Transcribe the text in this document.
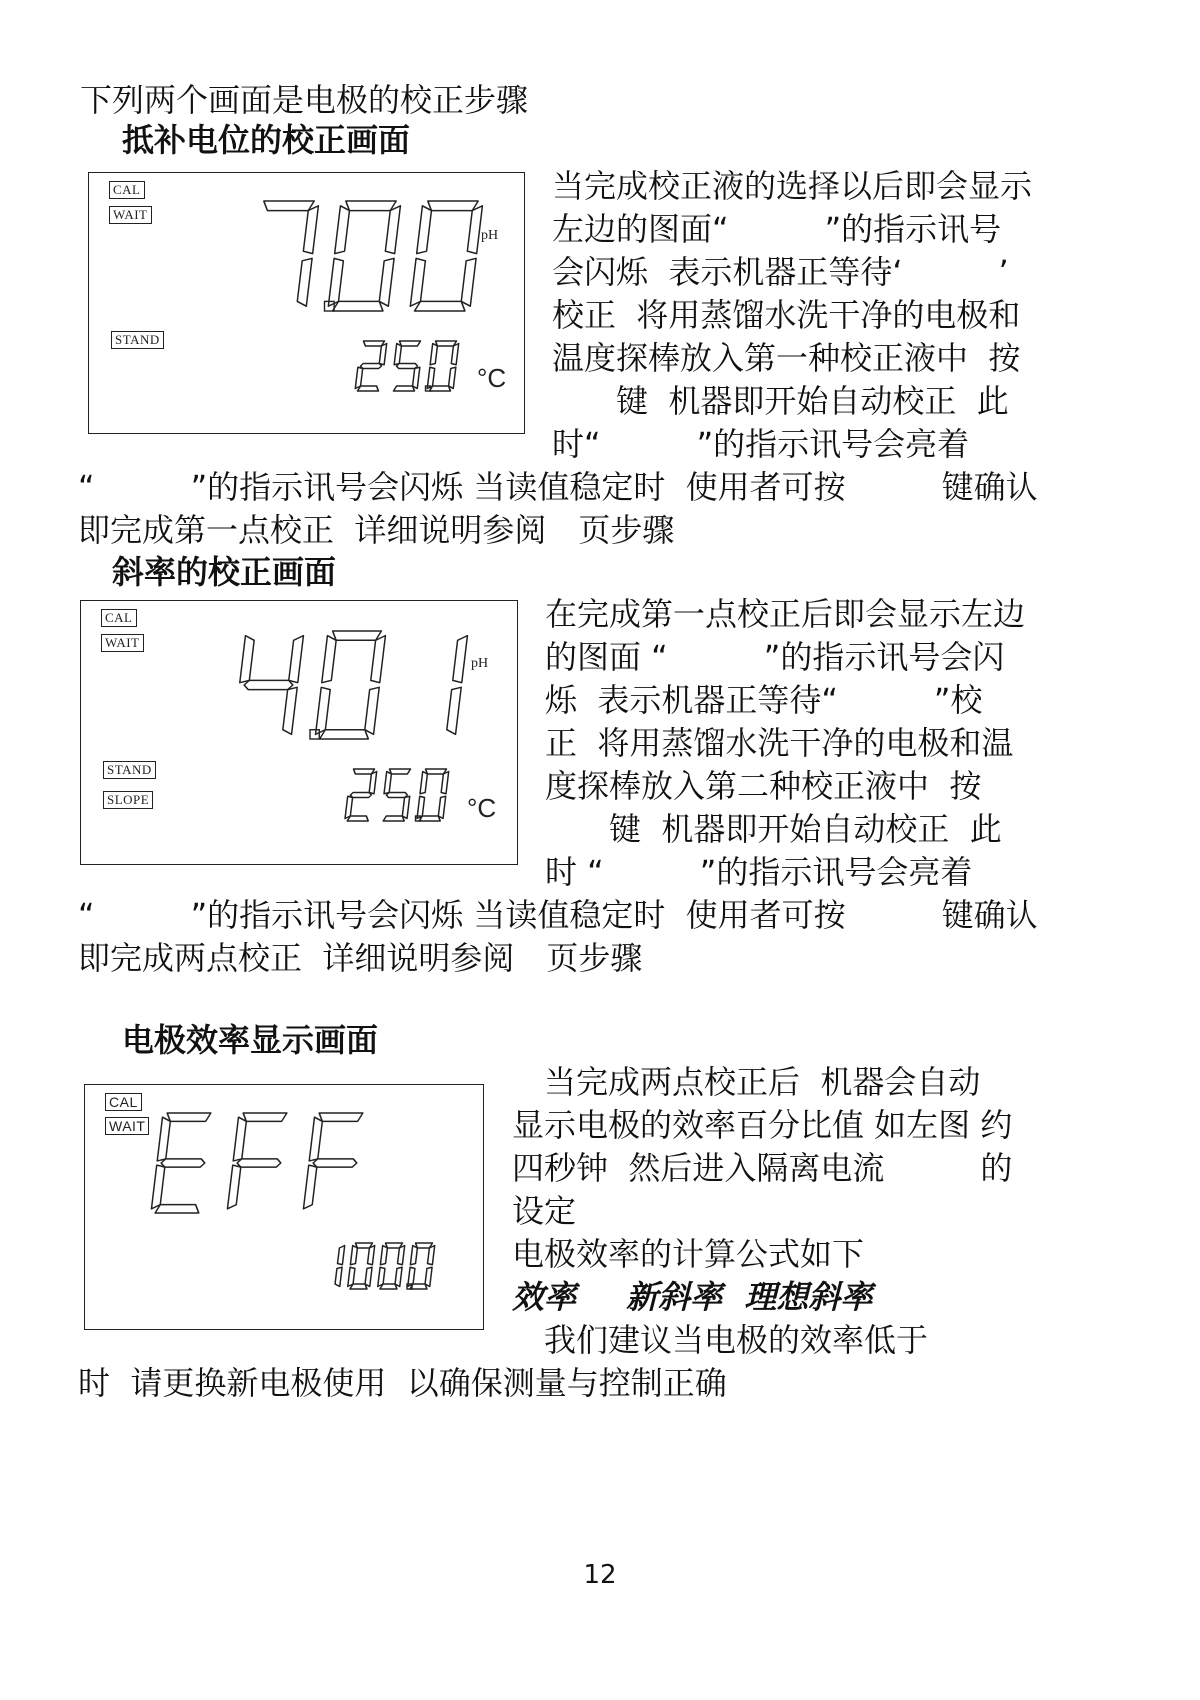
下列两个画面是电极的校正步骤

抵补电位的校正画面

CAL
WAIT
STAND
pH
°C

当完成校正液的选择以后即会显示

左边的图面“　　　”的指示讯号

会闪烁  表示机器正等待‘　　　’

校正  将用蒸馏水洗干净的电极和

温度探棒放入第一种校正液中  按

　　键  机器即开始自动校正  此

时“　　　”的指示讯号会亮着

“　　　”的指示讯号会闪烁 当读值稳定时  使用者可按　　　键确认

即完成第一点校正  详细说明参阅　页步骤

斜率的校正画面

CAL
WAIT
STAND
SLOPE
pH
°C

在完成第一点校正后即会显示左边

的图面 “　　　”的指示讯号会闪

烁  表示机器正等待“　　　”校

正  将用蒸馏水洗干净的电极和温

度探棒放入第二种校正液中  按

　　键  机器即开始自动校正  此

时 “　　　”的指示讯号会亮着

“　　　”的指示讯号会闪烁 当读值稳定时  使用者可按　　　键确认

即完成两点校正  详细说明参阅　页步骤

电极效率显示画面

CAL
WAIT

　当完成两点校正后  机器会自动

显示电极的效率百分比值 如左图 约

四秒钟  然后进入隔离电流　　　的

设定

电极效率的计算公式如下

效率 新斜率  理想斜率

　我们建议当电极的效率低于

时  请更换新电极使用  以确保测量与控制正确

12
